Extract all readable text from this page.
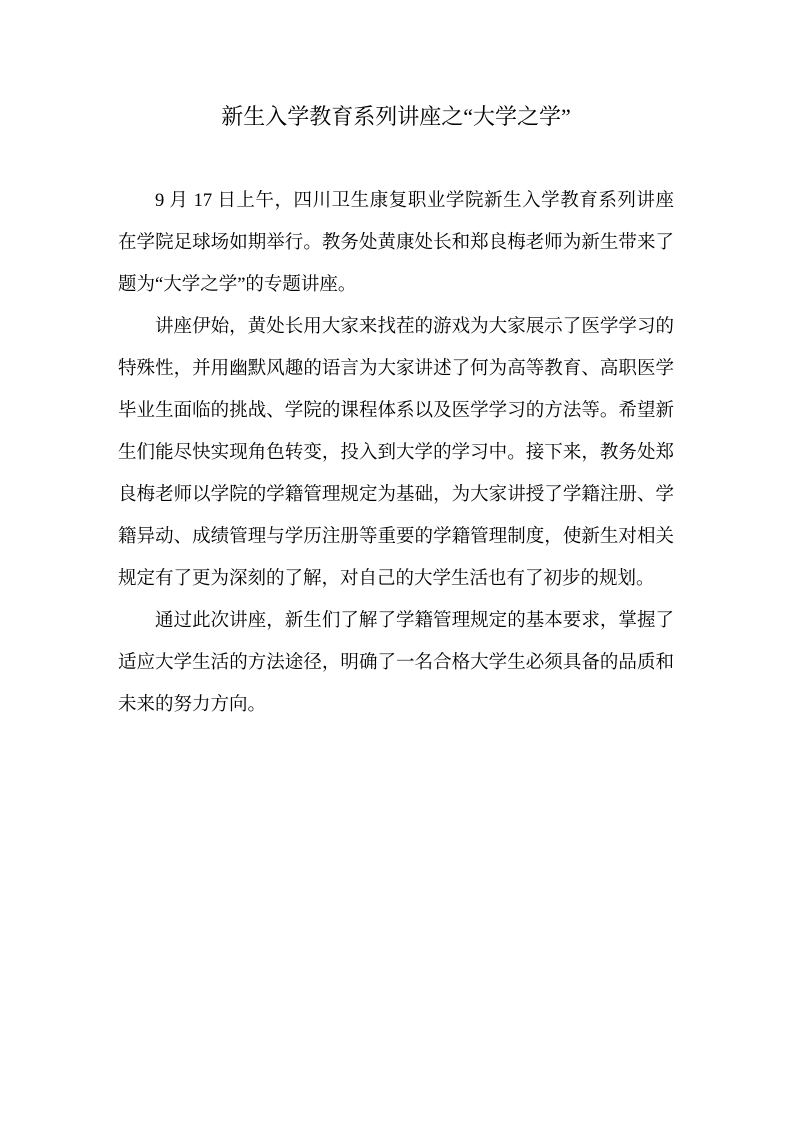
新生入学教育系列讲座之“大学之学”

9 月 17 日上午，四川卫生康复职业学院新生入学教育系列讲座在学院足球场如期举行。教务处黄康处长和郑良梅老师为新生带来了题为“大学之学”的专题讲座。

讲座伊始，黄处长用大家来找茬的游戏为大家展示了医学学习的特殊性，并用幽默风趣的语言为大家讲述了何为高等教育、高职医学毕业生面临的挑战、学院的课程体系以及医学学习的方法等。希望新生们能尽快实现角色转变，投入到大学的学习中。接下来，教务处郑良梅老师以学院的学籍管理规定为基础，为大家讲授了学籍注册、学籍异动、成绩管理与学历注册等重要的学籍管理制度，使新生对相关规定有了更为深刻的了解，对自己的大学生活也有了初步的规划。

通过此次讲座，新生们了解了学籍管理规定的基本要求，掌握了适应大学生活的方法途径，明确了一名合格大学生必须具备的品质和未来的努力方向。
